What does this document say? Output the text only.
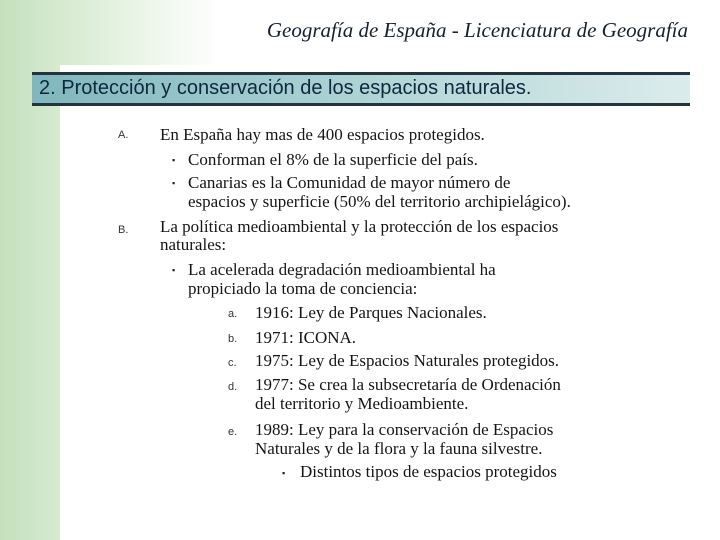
Geografía de España - Licenciatura de Geografía
2. Protección y conservación de los espacios naturales.
A. En España hay mas de 400 espacios protegidos.
▪ Conforman el 8% de la superficie del país.
▪ Canarias es la Comunidad de mayor número de
espacios y superficie (50% del territorio archipielágico).
B. La política medioambiental y la protección de los espacios
naturales:
▪ La acelerada degradación medioambiental ha
propiciado la toma de conciencia:
a. 1916: Ley de Parques Nacionales.
b. 1971: ICONA.
c. 1975: Ley de Espacios Naturales protegidos.
d. 1977: Se crea la subsecretaría de Ordenación
del territorio y Medioambiente.
e. 1989: Ley para la conservación de Espacios
Naturales y de la flora y la fauna silvestre.
▪ Distintos tipos de espacios protegidos
